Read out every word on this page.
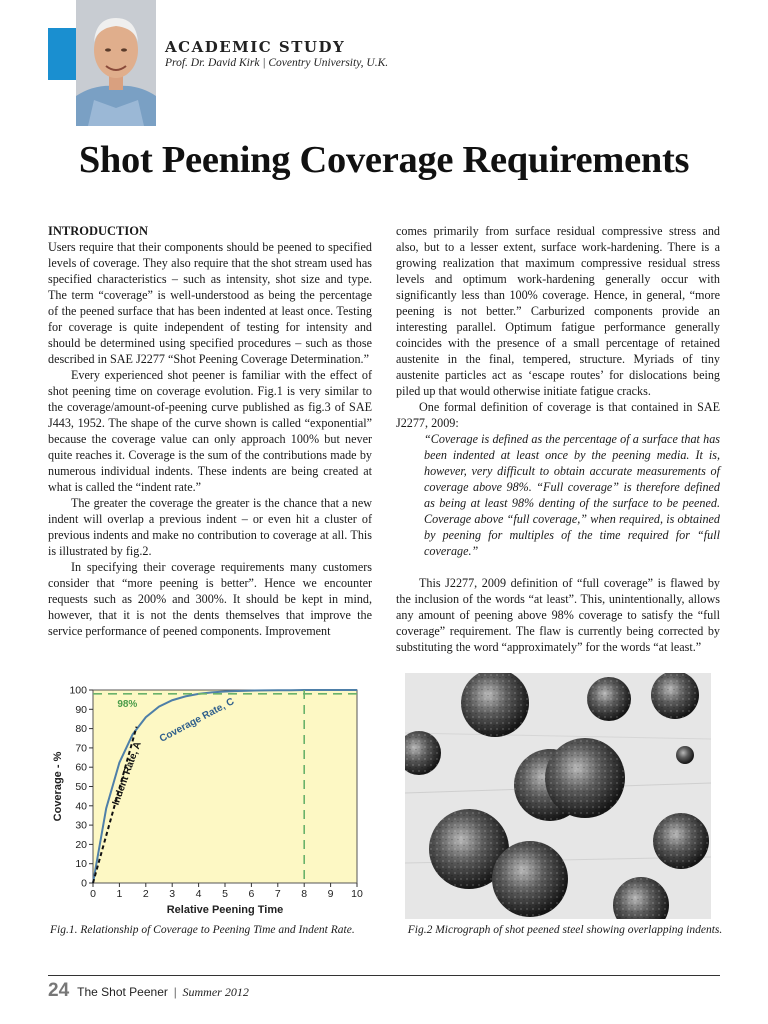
ACADEMIC STUDY
Prof. Dr. David Kirk | Coventry University, U.K.
Shot Peening Coverage Requirements

INTRODUCTION

Users require that their components should be peened to specified levels of coverage. They also require that the shot stream used has specified characteristics – such as intensity, shot size and type. The term “coverage” is well-understood as being the percentage of the peened surface that has been indented at least once. Testing for coverage is quite independent of testing for intensity and should be determined using specified procedures – such as those described in SAE J2277 “Shot Peening Coverage Determination.”

Every experienced shot peener is familiar with the effect of shot peening time on coverage evolution. Fig.1 is very similar to the coverage/amount-of-peening curve published as fig.3 of SAE J443, 1952. The shape of the curve shown is called “exponential” because the coverage value can only approach 100% but never quite reaches it. Coverage is the sum of the contributions made by numerous individual indents. These indents are being created at what is called the “indent rate.”

The greater the coverage the greater is the chance that a new indent will overlap a previous indent – or even hit a cluster of previous indents and make no contribution to coverage at all. This is illustrated by fig.2.

In specifying their coverage requirements many customers consider that “more peening is better”. Hence we encounter requests such as 200% and 300%. It should be kept in mind, however, that it is not the dents themselves that improve the service performance of peened components. Improvement

comes primarily from surface residual compressive stress and also, but to a lesser extent, surface work-hardening. There is a growing realization that maximum compressive residual stress levels and optimum work-hardening generally occur with significantly less than 100% coverage. Hence, in general, “more peening is not better.” Carburized components provide an interesting parallel. Optimum fatigue performance generally coincides with the presence of a small percentage of retained austenite in the final, tempered, structure. Myriads of tiny austenite particles act as ‘escape routes’ for dislocations being piled up that would otherwise initiate fatigue cracks.

One formal definition of coverage is that contained in SAE J2277, 2009:

“Coverage is defined as the percentage of a surface that has been indented at least once by the peening media. It is, however, very difficult to obtain accurate measurements of coverage above 98%. “Full coverage” is therefore defined as being at least 98% denting of the surface to be peened. Coverage above “full coverage,” when required, is obtained by peening for multiples of the time required for “full coverage.”

This J2277, 2009 definition of “full coverage” is flawed by the inclusion of the words “at least”. This, unintentionally, allows any amount of peening above 98% coverage to satisfy the “full coverage” requirement. The flaw is currently being corrected by substituting the word “approximately” for the words “at least.”

0 1 2 3 4 5 6 7 8 9 10
0
10
20
30
40
50
60
70
80
90
100
98% Coverage Rate, C
Indent Rate, A
Relative Peening Time
Coverage - %
Fig.1. Relationship of Coverage to Peening Time and Indent Rate.	Fig.2 Micrograph of shot peened steel showing overlapping indents.
24 The Shot Peener | Summer 2012
